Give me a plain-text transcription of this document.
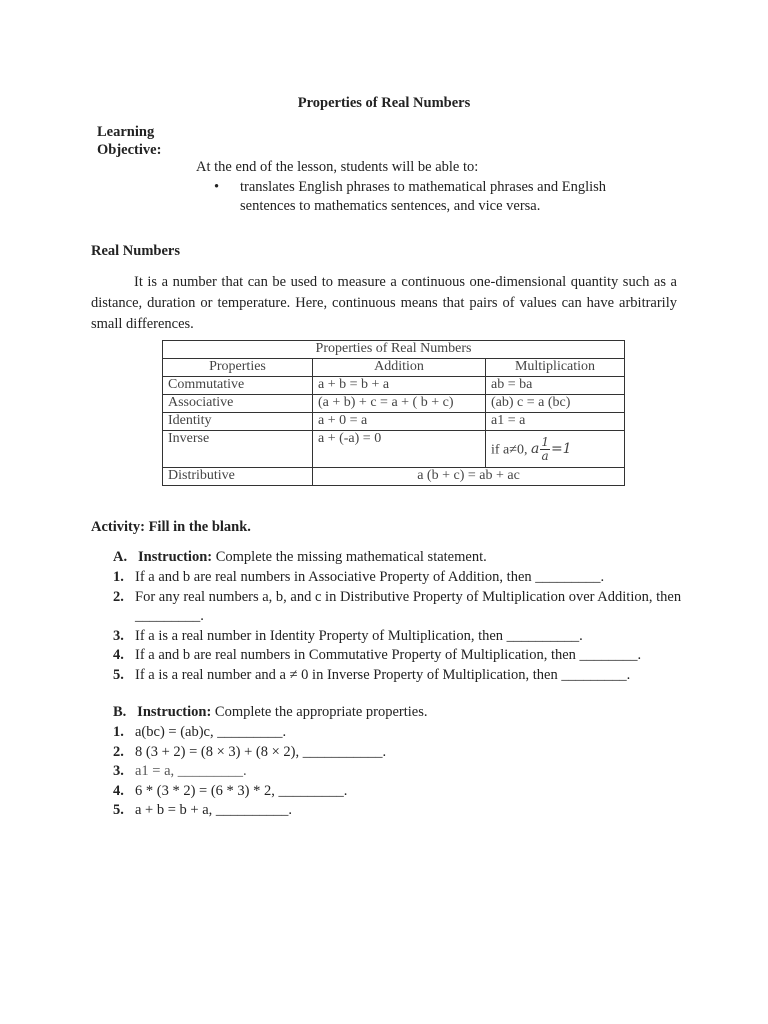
Properties of Real Numbers
Learning
Objective:
At the end of the lesson, students will be able to:
• translates English phrases to mathematical phrases and English sentences to mathematics sentences, and vice versa.
Real Numbers
It is a number that can be used to measure a continuous one-dimensional quantity such as a distance, duration or temperature. Here, continuous means that pairs of values can have arbitrarily small differences.
Properties of Real Numbers		
Properties	Addition	Multiplication
Commutative	a + b = b + a	ab = ba
Associative	(a + b) + c = a + ( b + c)	(ab) c = a (bc)
Identity	a + 0 = a	a1 = a
Inverse	a + (-a) = 0	if a≠0, a $\frac{1}{a} =1$

Distributive	a (b + c) = ab + ac	
Activity: Fill in the blank.
A. Instruction: Complete the missing mathematical statement.
1. If a and b are real numbers in Associative Property of Addition, then _________.
2. For any real numbers a, b, and c in Distributive Property of Multiplication over Addition, then _________.
3. If a is a real number in Identity Property of Multiplication, then __________.
4. If a and b are real numbers in Commutative Property of Multiplication, then ________.
5. If a is a real number and a ≠ 0 in Inverse Property of Multiplication, then _________.
B. Instruction: Complete the appropriate properties.
1. a(bc) = (ab)c, _________.
2. 8 (3 + 2) = (8 × 3) + (8 × 2), ___________.
3. a1 = a, _________.
4. 6 * (3 * 2) = (6 * 3) * 2, _________.
5. a + b = b + a, __________.
